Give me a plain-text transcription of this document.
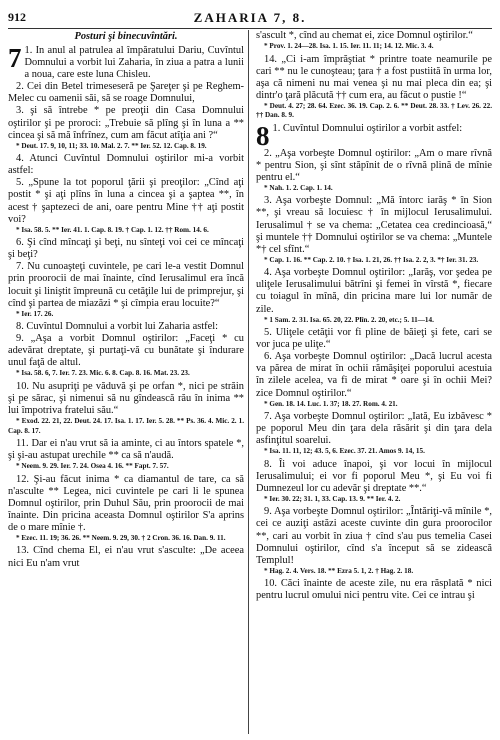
912	ZAHARIA 7, 8.
Posturi şi binecuvîntări.

7 1. In anul al patrulea al împăratului Dariu, Cuvîntul Domnului a vorbit lui Zaharia, în ziua a patra a lunii a noua, care este luna Chisleu.

2. Cei din Betel trimeseseră pe Şareţer şi pe Reghem-Melec cu oamenii săi, să se roage Domnului,

3. şi să întrebe * pe preoţii din Casa Domnului oştirilor şi pe proroci: „Trebuie să plîng şi în luna a ** cincea şi să mă înfrînez, cum am făcut atîţia ani ?“

* Deut. 17. 9, 10, 11; 33. 10. Mal. 2. 7. ** Ier. 52. 12. Cap. 8. 19.

4. Atunci Cuvîntul Domnului oştirilor mi-a vorbit astfel:

5. „Spune la tot poporul ţării şi preoţilor: „Cînd aţi postit * şi aţi plîns în luna a cincea şi a şaptea **, în acest † şaptezeci de ani, oare pentru Mine †† aţi postit voi?

* Isa. 58. 5. ** Ier. 41. 1. Cap. 8. 19. † Cap. 1. 12. †† Rom. 14. 6.

6. Şi cînd mîncaţi şi beţi, nu sînteţi voi cei ce mîncaţi şi beţi?

7. Nu cunoaşteţi cuvintele, pe cari le-a vestit Domnul prin proorocii de mai înainte, cînd Ierusalimul era încă locuit şi liniştit împreună cu cetăţile lui de primprejur, şi cînd şi partea de miazăzi * şi cîmpia erau locuite?“

* Ier. 17. 26.

8. Cuvîntul Domnului a vorbit lui Zaharia astfel:

9. „Aşa a vorbit Domnul oştirilor: „Faceţi * cu adevărat dreptate, şi purtaţi-vă cu bunătate şi îndurare unul faţă de altul.

* Isa. 58. 6, 7. Ier. 7. 23. Mic. 6. 8. Cap. 8. 16. Mat. 23. 23.

10. Nu asupriţi pe văduvă şi pe orfan *, nici pe străin şi pe sărac, şi nimenui să nu gîndească rău în inima ** lui împotriva fratelui său.“

* Exod. 22. 21, 22. Deut. 24. 17. Isa. 1. 17. Ier. 5. 28. ** Ps. 36. 4. Mic. 2. 1. Cap. 8. 17.

11. Dar ei n'au vrut să ia aminte, ci au întors spatele *, şi şi-au astupat urechile ** ca să n'audă.

* Neem. 9. 29. Ier. 7. 24. Osea 4. 16. ** Fapt. 7. 57.

12. Şi-au făcut inima * ca diamantul de tare, ca să n'asculte ** Legea, nici cuvintele pe cari li le spunea Domnul oştirilor, prin Duhul Său, prin proorocii de mai înainte. Din pricina aceasta Domnul oştirilor S'a aprins de o mare mînie †.

* Ezec. 11. 19; 36. 26. ** Neem. 9. 29, 30. † 2 Cron. 36. 16. Dan. 9. 11.

13. Cînd chema El, ei n'au vrut s'asculte: „De aceea nici Eu n'am vrut

s'ascult *, cînd au chemat ei, zice Domnul oştirilor.“

* Prov. 1. 24—28. Isa. 1. 15. Ier. 11. 11; 14. 12. Mic. 3. 4.

14. „Ci i-am împrăştiat * printre toate neamurile pe cari ** nu le cunoşteau; ţara † a fost pustiită în urma lor, aşa că nimeni nu mai venea şi nu mai pleca din ea; şi dintr'o ţară plăcută †† cum era, au făcut o pustie !“

* Deut. 4. 27; 28. 64. Ezec. 36. 19. Cap. 2. 6. ** Deut. 28. 33. † Lev. 26. 22. †† Dan. 8. 9.

8 1. Cuvîntul Domnului oştirilor a vorbit astfel:

2. „Aşa vorbeşte Domnul oştirilor: „Am o mare rîvnă * pentru Sion, şi sînt stăpînit de o rîvnă plină de mînie pentru el.“

* Nah. 1. 2. Cap. 1. 14.

3. Aşa vorbeşte Domnul: „Mă întorc iarăş * în Sion **, şi vreau să locuiesc † în mijlocul Ierusalimului. Ierusalimul † se va chema: „Cetatea cea credincioasă,“ şi muntele †† Domnului oştirilor se va chema: „Muntele *† cel sfînt.“

* Cap. 1. 16. ** Cap. 2. 10. † Isa. 1. 21, 26. †† Isa. 2. 2, 3. *† Ier. 31. 23.

4. Aşa vorbeşte Domnul oştirilor: „Iarăş, vor şedea pe uliţele Ierusalimului bătrîni şi femei în vîrstă *, fiecare cu toiagul în mînă, din pricina mare lui lor număr de zile.

* 1 Sam. 2. 31. Isa. 65. 20, 22. Plîn. 2. 20, etc.; 5. 11—14.

5. Uliţele cetăţii vor fi pline de băieţi şi fete, cari se vor juca pe uliţe.“

6. Aşa vorbeşte Domnul oştirilor: „Dacă lucrul acesta va părea de mirat în ochii rămăşiţei poporului acestuia în zilele acelea, va fi de mirat * oare şi în ochii Mei? zice Domnul oştirilor.“

* Gen. 18. 14. Luc. 1. 37; 18. 27. Rom. 4. 21.

7. Aşa vorbeşte Domnul oştirilor: „Iată, Eu izbăvesc * pe poporul Meu din ţara dela răsărit şi din ţara dela asfinţitul soarelui.

* Isa. 11. 11, 12; 43. 5, 6. Ezec. 37. 21. Amos 9. 14, 15.

8. Îi voi aduce înapoi, şi vor locui în mijlocul Ierusalimului; ei vor fi poporul Meu *, şi Eu voi fi Dumnezeul lor cu adevăr şi dreptate **.“

* Ier. 30. 22; 31. 1, 33. Cap. 13. 9. ** Ier. 4. 2.

9. Aşa vorbeşte Domnul oştirilor: „Întăriţi-vă mînile *, cei ce auziţi astăzi aceste cuvinte din gura proorocilor **, cari au vorbit în ziua † cînd s'au pus temelia Casei Domnului oştirilor, cînd s'a început să se zidească Templul!

* Hag. 2. 4. Vers. 18. ** Ezra 5. 1, 2. † Hag. 2. 18.

10. Căci înainte de aceste zile, nu era răsplată * nici pentru lucrul omului nici pentru vite. Cei ce intrau şi
